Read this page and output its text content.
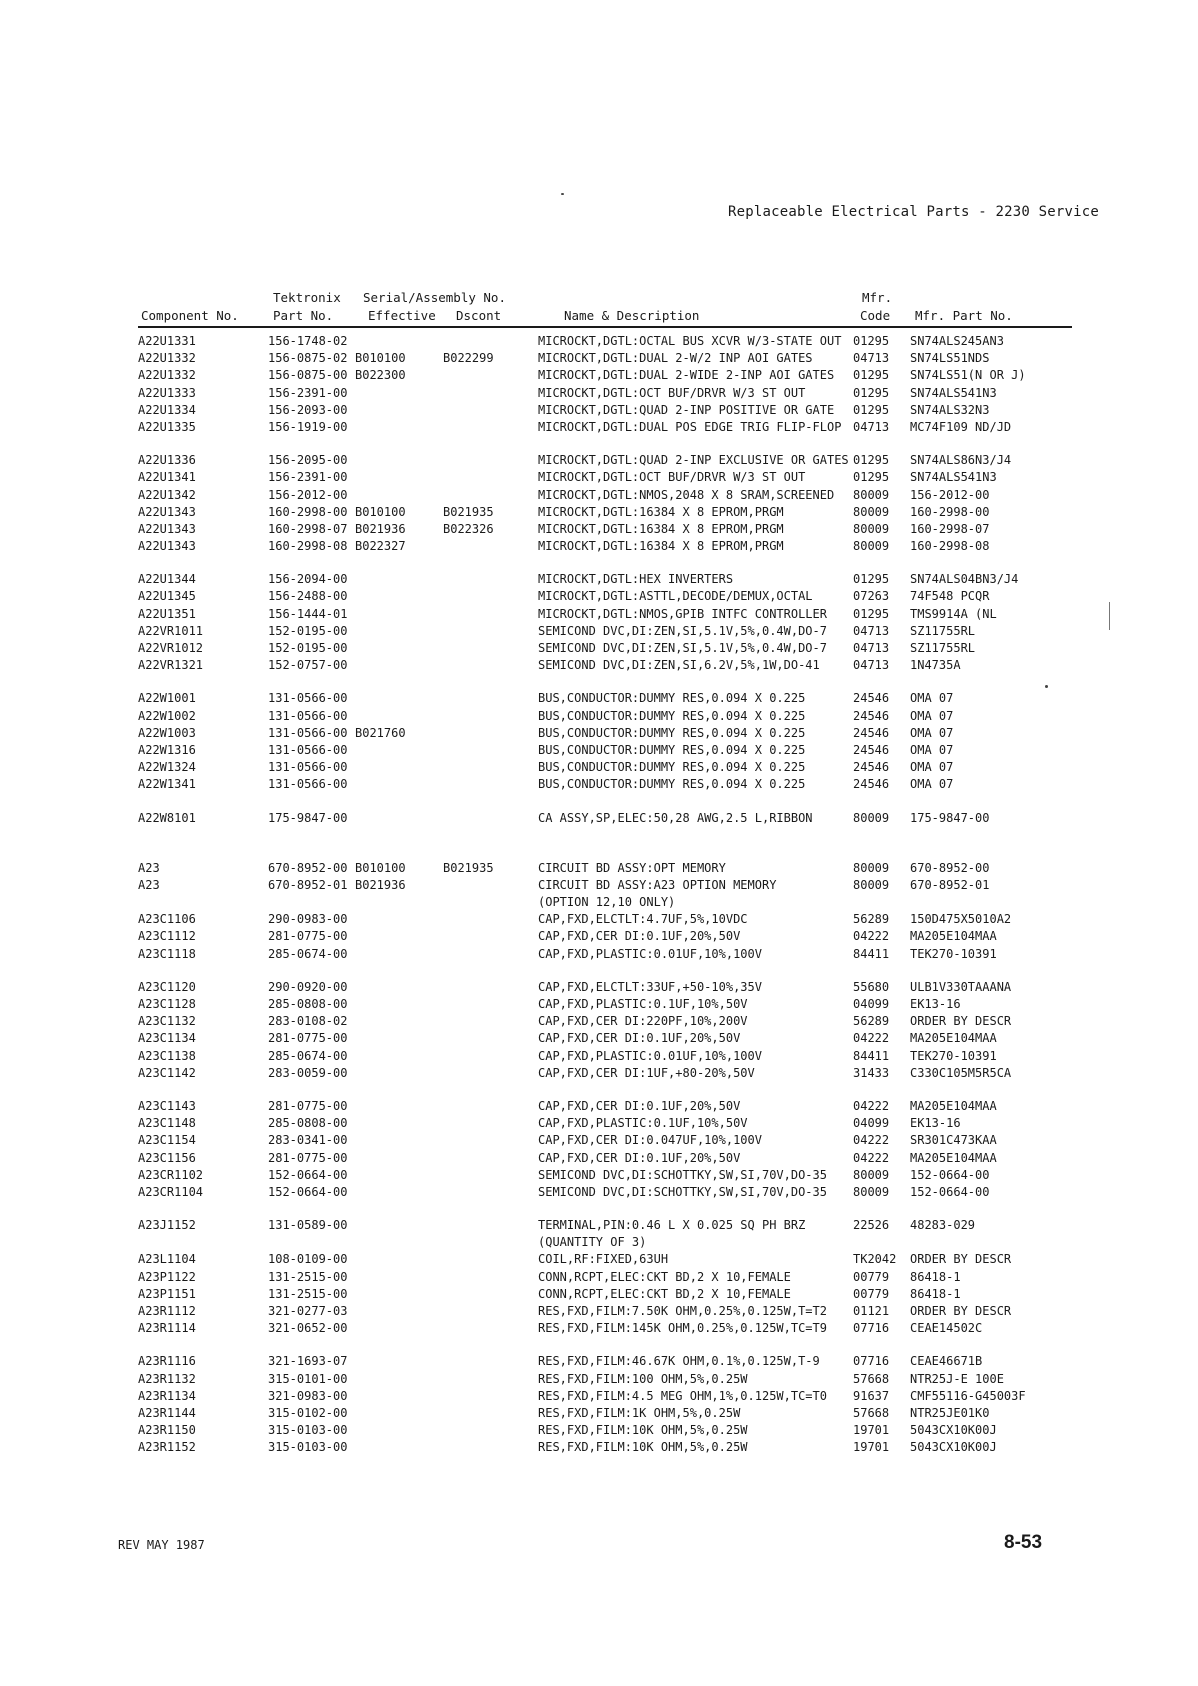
Replaceable Electrical Parts - 2230 Service
Tektronix Serial/Assembly No.	Mfr.
Component No.	Part No.	Effective Dscont	Name & Description	Code Mfr. Part No.
A22U1331	156-1748-02	MICROCKT,DGTL:OCTAL BUS XCVR W/3-STATE OUT 01295 SN74ALS245AN3
A22U1332	156-0875-02 B010100	B022299	MICROCKT,DGTL:DUAL 2-W/2 INP AOI GATES	04713 SN74LS51NDS
A22U1332	156-0875-00 B022300	MICROCKT,DGTL:DUAL 2-WIDE 2-INP AOI GATES 01295 SN74LS51(N OR J)
A22U1333	156-2391-00	MICROCKT,DGTL:OCT BUF/DRVR W/3 ST OUT	01295 SN74ALS541N3
A22U1334	156-2093-00	MICROCKT,DGTL:QUAD 2-INP POSITIVE OR GATE 01295 SN74ALS32N3
A22U1335	156-1919-00	MICROCKT,DGTL:DUAL POS EDGE TRIG FLIP-FLOP 04713 MC74F109 ND/JD
A22U1336	156-2095-00	MICROCKT,DGTL:QUAD 2-INP EXCLUSIVE OR GATES 01295 SN74ALS86N3/J4
A22U1341	156-2391-00	MICROCKT,DGTL:OCT BUF/DRVR W/3 ST OUT	01295 SN74ALS541N3
A22U1342	156-2012-00	MICROCKT,DGTL:NMOS,2048 X 8 SRAM,SCREENED 80009 156-2012-00
A22U1343	160-2998-00 B010100	B021935	MICROCKT,DGTL:16384 X 8 EPROM,PRGM	80009 160-2998-00
A22U1343	160-2998-07 B021936	B022326	MICROCKT,DGTL:16384 X 8 EPROM,PRGM	80009 160-2998-07
A22U1343	160-2998-08 B022327	MICROCKT,DGTL:16384 X 8 EPROM,PRGM	80009 160-2998-08
A22U1344	156-2094-00	MICROCKT,DGTL:HEX INVERTERS	01295 SN74ALS04BN3/J4
A22U1345	156-2488-00	MICROCKT,DGTL:ASTTL,DECODE/DEMUX,OCTAL	07263 74F548 PCQR
A22U1351	156-1444-01	MICROCKT,DGTL:NMOS,GPIB INTFC CONTROLLER 01295 TMS9914A (NL
A22VR1011	152-0195-00	SEMICOND DVC,DI:ZEN,SI,5.1V,5%,0.4W,DO-7 04713 SZ11755RL
A22VR1012	152-0195-00	SEMICOND DVC,DI:ZEN,SI,5.1V,5%,0.4W,DO-7 04713 SZ11755RL
A22VR1321	152-0757-00	SEMICOND DVC,DI:ZEN,SI,6.2V,5%,1W,DO-41	04713 1N4735A
A22W1001	131-0566-00	BUS,CONDUCTOR:DUMMY RES,0.094 X 0.225	24546 OMA 07
A22W1002	131-0566-00	BUS,CONDUCTOR:DUMMY RES,0.094 X 0.225	24546 OMA 07
A22W1003	131-0566-00 B021760	BUS,CONDUCTOR:DUMMY RES,0.094 X 0.225	24546 OMA 07
A22W1316	131-0566-00	BUS,CONDUCTOR:DUMMY RES,0.094 X 0.225	24546 OMA 07
A22W1324	131-0566-00	BUS,CONDUCTOR:DUMMY RES,0.094 X 0.225	24546 OMA 07
A22W1341	131-0566-00	BUS,CONDUCTOR:DUMMY RES,0.094 X 0.225	24546 OMA 07
A22W8101	175-9847-00	CA ASSY,SP,ELEC:50,28 AWG,2.5 L,RIBBON	80009 175-9847-00
A23	670-8952-00 B010100	B021935	CIRCUIT BD ASSY:OPT MEMORY	80009 670-8952-00
A23	670-8952-01 B021936	CIRCUIT BD ASSY:A23 OPTION MEMORY	80009 670-8952-01
(OPTION 12,10 ONLY)
A23C1106	290-0983-00	CAP,FXD,ELCTLT:4.7UF,5%,10VDC	56289 150D475X5010A2
A23C1112	281-0775-00	CAP,FXD,CER DI:0.1UF,20%,50V	04222 MA205E104MAA
A23C1118	285-0674-00	CAP,FXD,PLASTIC:0.01UF,10%,100V	84411 TEK270-10391
A23C1120	290-0920-00	CAP,FXD,ELCTLT:33UF,+50-10%,35V	55680 ULB1V330TAAANA
A23C1128	285-0808-00	CAP,FXD,PLASTIC:0.1UF,10%,50V	04099 EK13-16
A23C1132	283-0108-02	CAP,FXD,CER DI:220PF,10%,200V	56289 ORDER BY DESCR
A23C1134	281-0775-00	CAP,FXD,CER DI:0.1UF,20%,50V	04222 MA205E104MAA
A23C1138	285-0674-00	CAP,FXD,PLASTIC:0.01UF,10%,100V	84411 TEK270-10391
A23C1142	283-0059-00	CAP,FXD,CER DI:1UF,+80-20%,50V	31433 C330C105M5R5CA
A23C1143	281-0775-00	CAP,FXD,CER DI:0.1UF,20%,50V	04222 MA205E104MAA
A23C1148	285-0808-00	CAP,FXD,PLASTIC:0.1UF,10%,50V	04099 EK13-16
A23C1154	283-0341-00	CAP,FXD,CER DI:0.047UF,10%,100V	04222 SR301C473KAA
A23C1156	281-0775-00	CAP,FXD,CER DI:0.1UF,20%,50V	04222 MA205E104MAA
A23CR1102	152-0664-00	SEMICOND DVC,DI:SCHOTTKY,SW,SI,70V,DO-35 80009 152-0664-00
A23CR1104	152-0664-00	SEMICOND DVC,DI:SCHOTTKY,SW,SI,70V,DO-35 80009 152-0664-00
A23J1152	131-0589-00	TERMINAL,PIN:0.46 L X 0.025 SQ PH BRZ	22526 48283-029
(QUANTITY OF 3)
A23L1104	108-0109-00	COIL,RF:FIXED,63UH	TK2042 ORDER BY DESCR
A23P1122	131-2515-00	CONN,RCPT,ELEC:CKT BD,2 X 10,FEMALE	00779 86418-1
A23P1151	131-2515-00	CONN,RCPT,ELEC:CKT BD,2 X 10,FEMALE	00779 86418-1
A23R1112	321-0277-03	RES,FXD,FILM:7.50K OHM,0.25%,0.125W,T=T2 01121 ORDER BY DESCR
A23R1114	321-0652-00	RES,FXD,FILM:145K OHM,0.25%,0.125W,TC=T9 07716 CEAE14502C
A23R1116	321-1693-07	RES,FXD,FILM:46.67K OHM,0.1%,0.125W,T-9	07716 CEAE46671B
A23R1132	315-0101-00	RES,FXD,FILM:100 OHM,5%,0.25W	57668 NTR25J-E 100E
A23R1134	321-0983-00	RES,FXD,FILM:4.5 MEG OHM,1%,0.125W,TC=T0 91637 CMF55116-G45003F
A23R1144	315-0102-00	RES,FXD,FILM:1K OHM,5%,0.25W	57668 NTR25JE01K0
A23R1150	315-0103-00	RES,FXD,FILM:10K OHM,5%,0.25W	19701 5043CX10K00J
A23R1152	315-0103-00	RES,FXD,FILM:10K OHM,5%,0.25W	19701 5043CX10K00J
REV MAY 1987	8-53
